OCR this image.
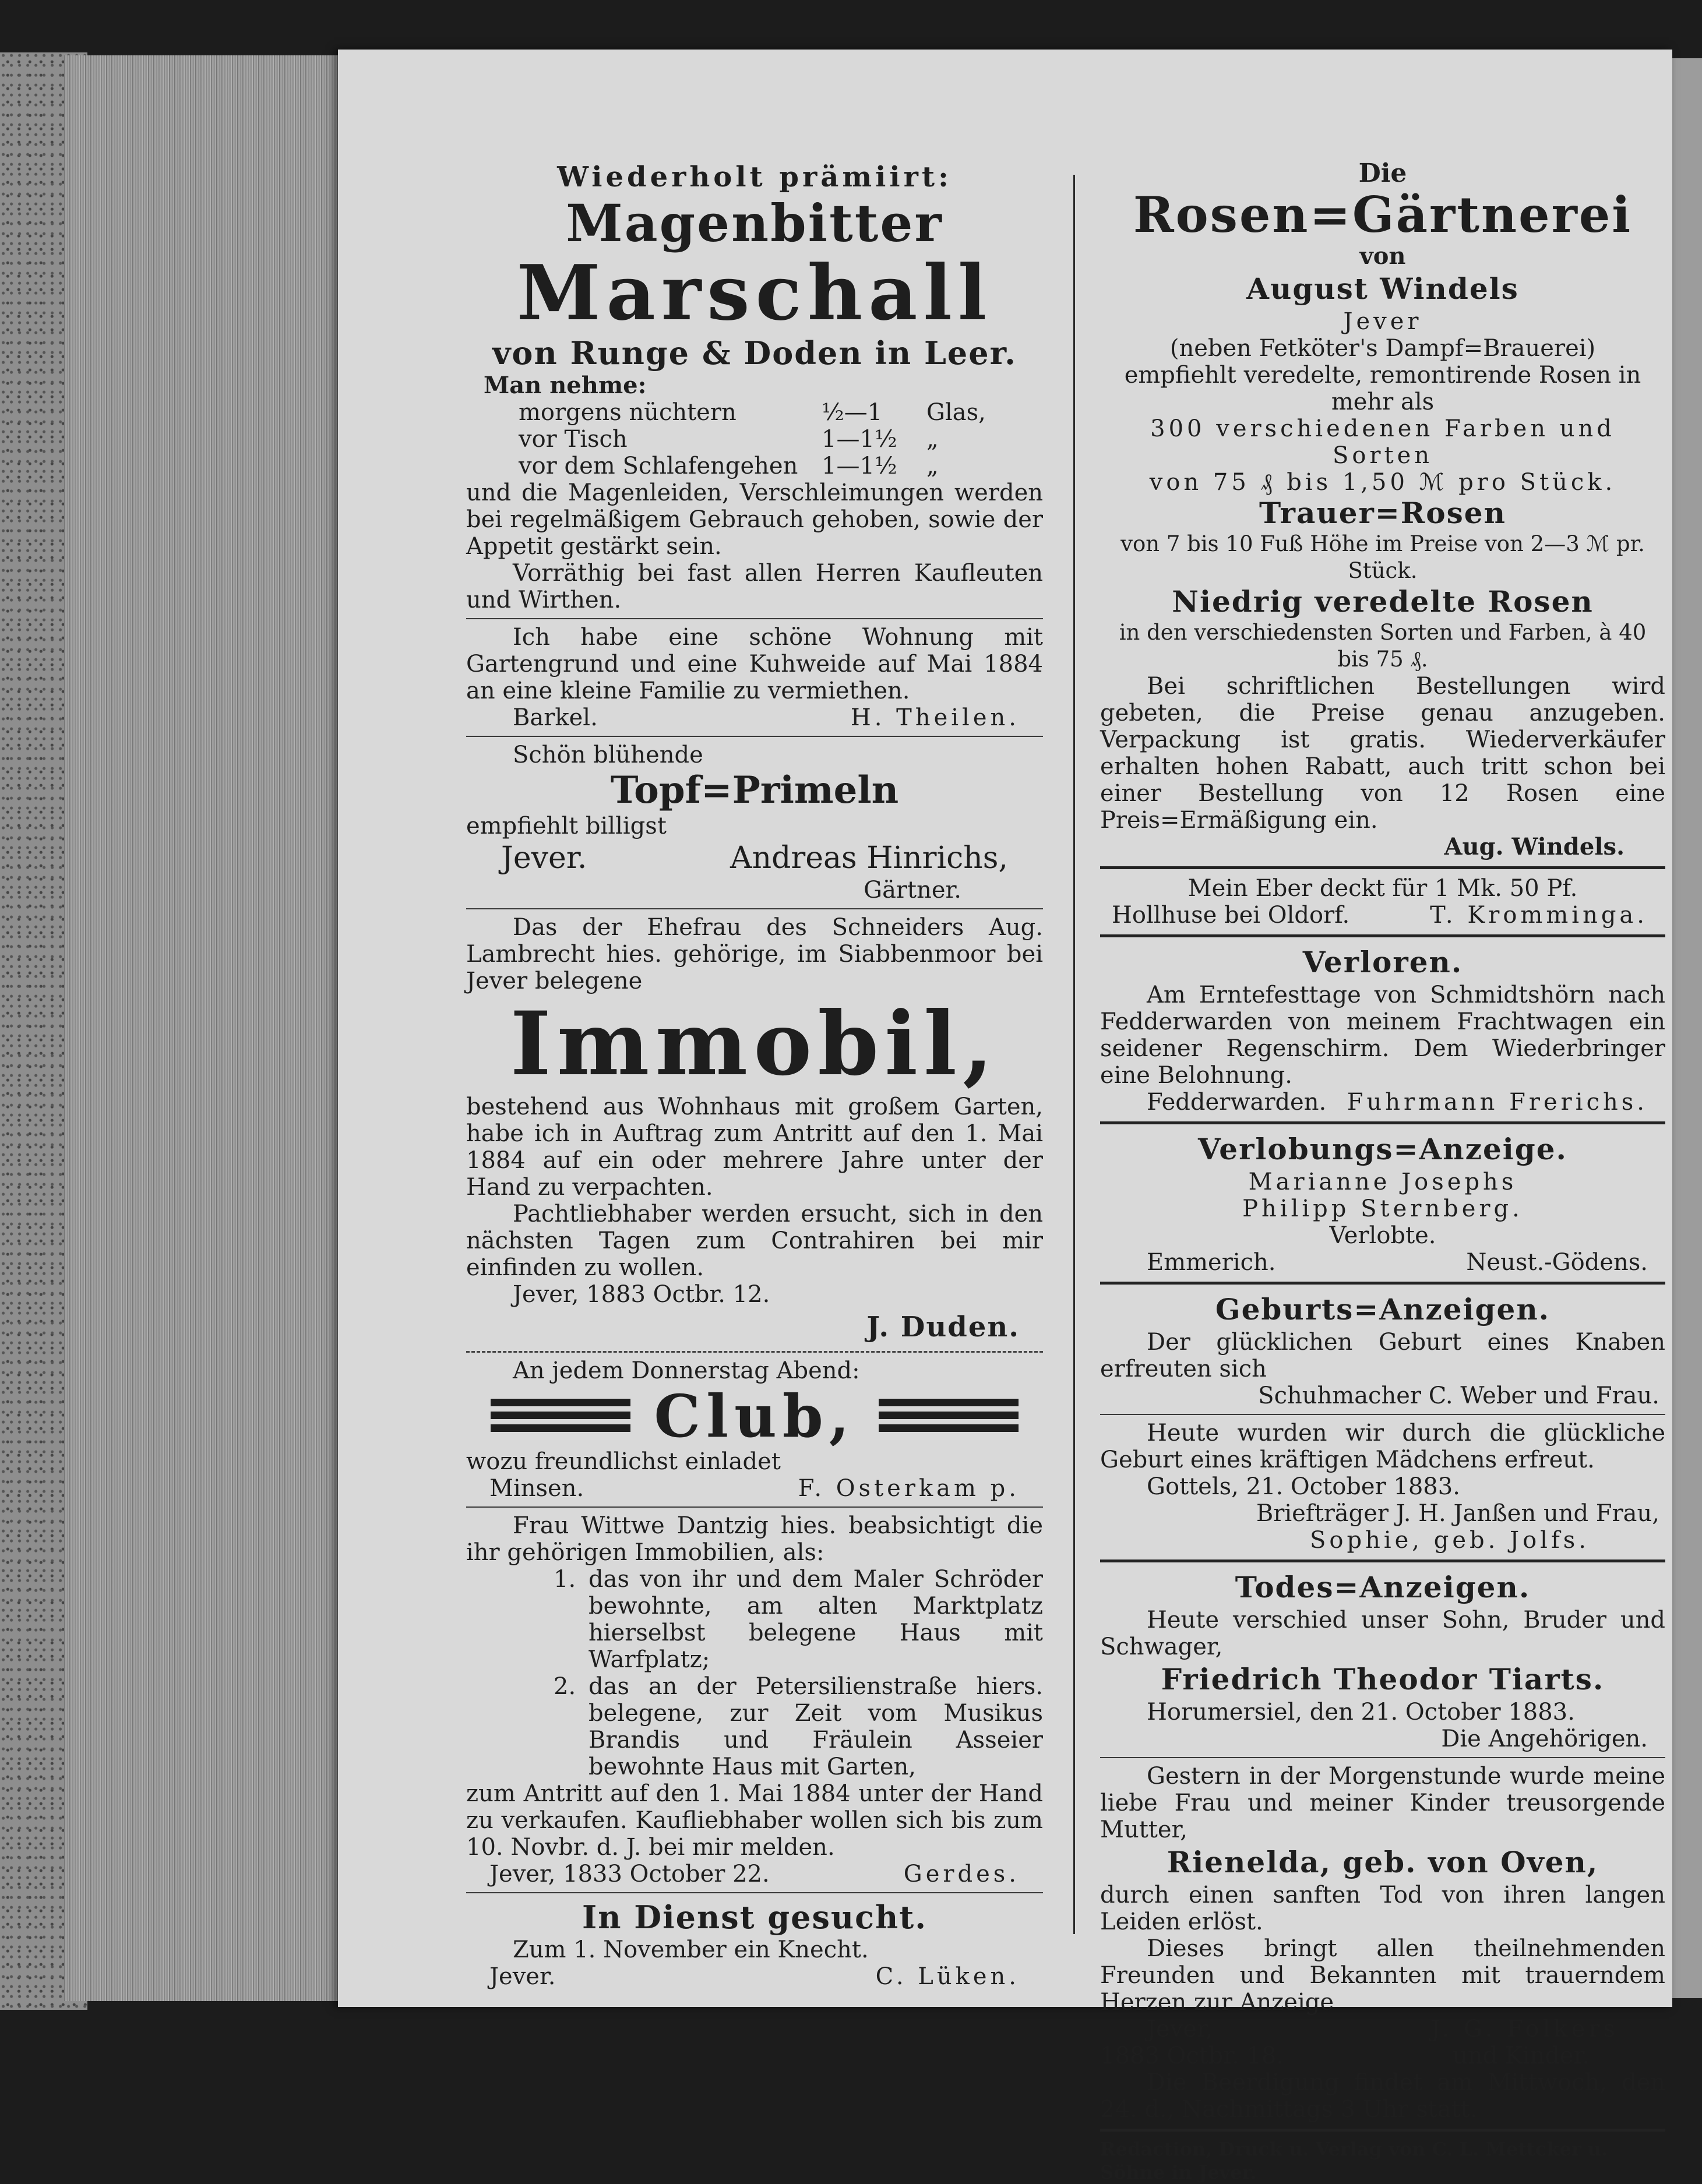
Wiederholt prämiirt:

Magenbitter

Marschall

von Runge & Doden in Leer.

Man nehme:

morgens nüchtern	½—1	Glas,
vor Tisch	1—1½	„
vor dem Schlafengehen	1—1½	„

und die Magenleiden, Verschleimungen werden bei regelmäßigem Gebrauch gehoben, sowie der Appetit gestärkt sein.

Vorräthig bei fast allen Herren Kaufleuten und Wirthen.

Ich habe eine schöne Wohnung mit Gartengrund und eine Kuhweide auf Mai 1884 an eine kleine Familie zu vermiethen.

Barkel.	H. Theilen.

Schön blühende

Topf=Primeln

empfiehlt billigst

Jever.	Andreas Hinrichs,

Gärtner.

Das der Ehefrau des Schneiders Aug. Lambrecht hies. gehörige, im Siabbenmoor bei Jever belegene

Immobil,

bestehend aus Wohnhaus mit großem Garten, habe ich in Auftrag zum Antritt auf den 1. Mai 1884 auf ein oder mehrere Jahre unter der Hand zu verpachten.

Pachtliebhaber werden ersucht, sich in den nächsten Tagen zum Contrahiren bei mir einfinden zu wollen.

Jever, 1883 Octbr. 12.

J. Duden.

An jedem Donnerstag Abend:

Club,

wozu freundlichst einladet

Minsen.	F. Osterkam p.

Frau Wittwe Dantzig hies. beabsichtigt die ihr gehörigen Immobilien, als:

1. das von ihr und dem Maler Schröder bewohnte, am alten Marktplatz hierselbst belegene Haus mit Warfplatz;
2. das an der Petersilienstraße hiers. belegene, zur Zeit vom Musikus Brandis und Fräulein Asseier bewohnte Haus mit Garten,

zum Antritt auf den 1. Mai 1884 unter der Hand zu verkaufen. Kaufliebhaber wollen sich bis zum 10. Novbr. d. J. bei mir melden.

Jever, 1833 October 22.	Gerdes.

In Dienst gesucht.

Zum 1. November ein Knecht.

Jever.	C. Lüken.

Die

Rosen=Gärtnerei

von

August Windels

Jever

(neben Fetköter's Dampf=Brauerei)

empfiehlt veredelte, remontirende Rosen in mehr als

300 verschiedenen Farben und Sorten

von 75 ₰ bis 1,50 ℳ pro Stück.

Trauer=Rosen

von 7 bis 10 Fuß Höhe im Preise von 2—3 ℳ pr. Stück.

Niedrig veredelte Rosen

in den verschiedensten Sorten und Farben, à 40 bis 75 ₰.

Bei schriftlichen Bestellungen wird gebeten, die Preise genau anzugeben. Verpackung ist gratis. Wiederverkäufer erhalten hohen Rabatt, auch tritt schon bei einer Bestellung von 12 Rosen eine Preis=Ermäßigung ein.

Aug. Windels.

Mein Eber deckt für 1 Mk. 50 Pf.

Hollhuse bei Oldorf.	T. Kromminga.

Verloren.

Am Erntefesttage von Schmidtshörn nach Fedderwarden von meinem Frachtwagen ein seidener Regenschirm. Dem Wiederbringer eine Belohnung.

Fedderwarden. Fuhrmann Frerichs.

Verlobungs=Anzeige.

Marianne Josephs

Philipp Sternberg.

Verlobte.

Emmerich.	Neust.-Gödens.

Geburts=Anzeigen.

Der glücklichen Geburt eines Knaben erfreuten sich

Schuhmacher C. Weber und Frau.

Heute wurden wir durch die glückliche Geburt eines kräftigen Mädchens erfreut.

Gottels, 21. October 1883.

Briefträger J. H. Janßen und Frau,

Sophie, geb. Jolfs.

Todes=Anzeigen.

Heute verschied unser Sohn, Bruder und Schwager,

Friedrich Theodor Tiarts.

Horumersiel, den 21. October 1883.

Die Angehörigen.

Gestern in der Morgenstunde wurde meine liebe Frau und meiner Kinder treusorgende Mutter,

Rienelda, geb. von Oven,

durch einen sanften Tod von ihren langen Leiden erlöst.

Dieses bringt allen theilnehmenden Freunden und Bekannten mit trauerndem Herzen zur Anzeige

Jever,	J. G. Folkers
1883 Octbr. 18.	und Kinder.

Die Beerdigung findet am Mittwoch, den 24. d., Nachmittags 3 Uhr statt.

Redaction, Druck u. Verlag von C. L. Mettcker u. Söhne in Jever.
